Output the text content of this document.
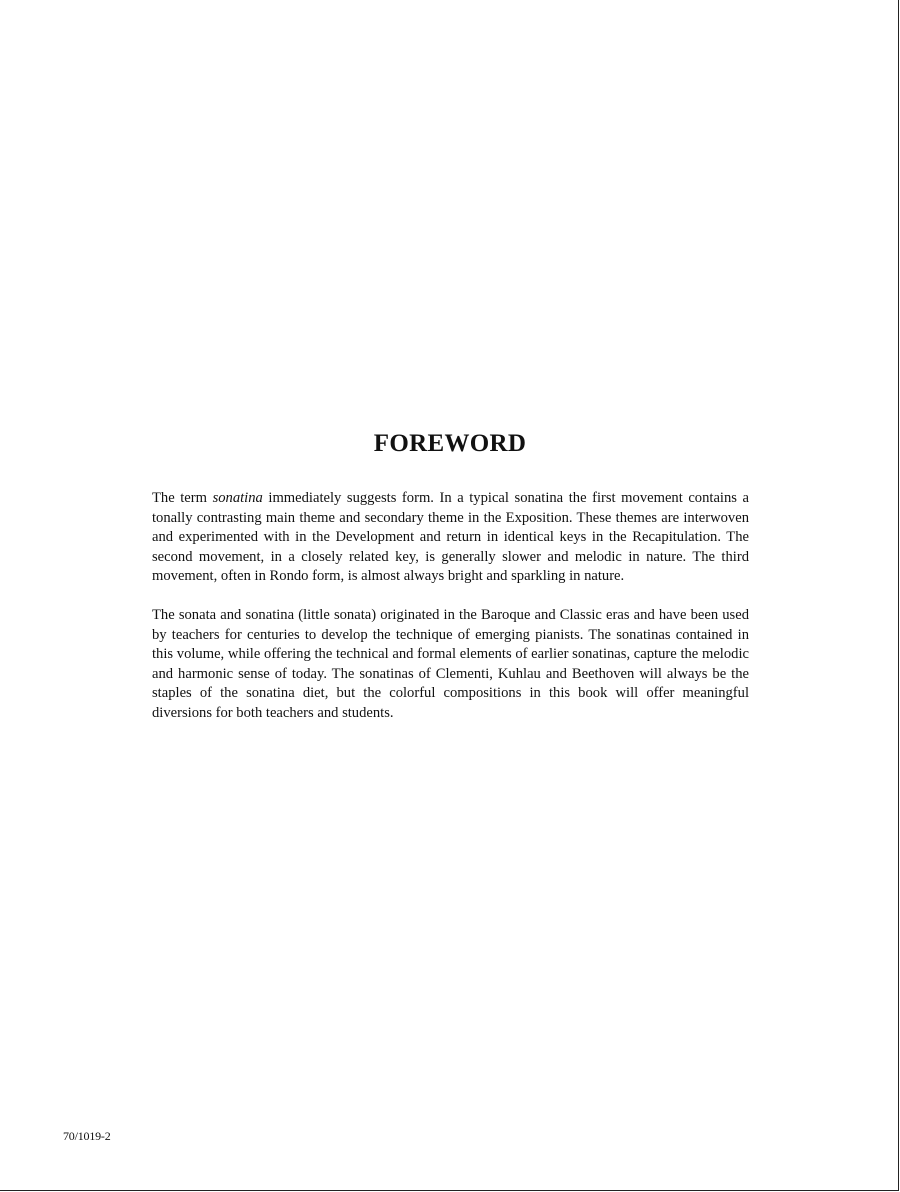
FOREWORD

The term sonatina immediately suggests form. In a typical sonatina the first movement contains a tonally contrasting main theme and secondary theme in the Exposition. These themes are interwoven and experimented with in the Development and return in identical keys in the Recapitulation. The second movement, in a closely related key, is generally slower and melodic in nature. The third movement, often in Rondo form, is almost always bright and sparkling in nature.

The sonata and sonatina (little sonata) originated in the Baroque and Classic eras and have been used by teachers for centuries to develop the technique of emerging pianists. The sonatinas contained in this volume, while offering the technical and formal elements of earlier sonatinas, capture the melodic and harmonic sense of today. The sonatinas of Clementi, Kuhlau and Beethoven will always be the staples of the sonatina diet, but the colorful compositions in this book will offer meaningful diversions for both teachers and students.

70/1019-2
